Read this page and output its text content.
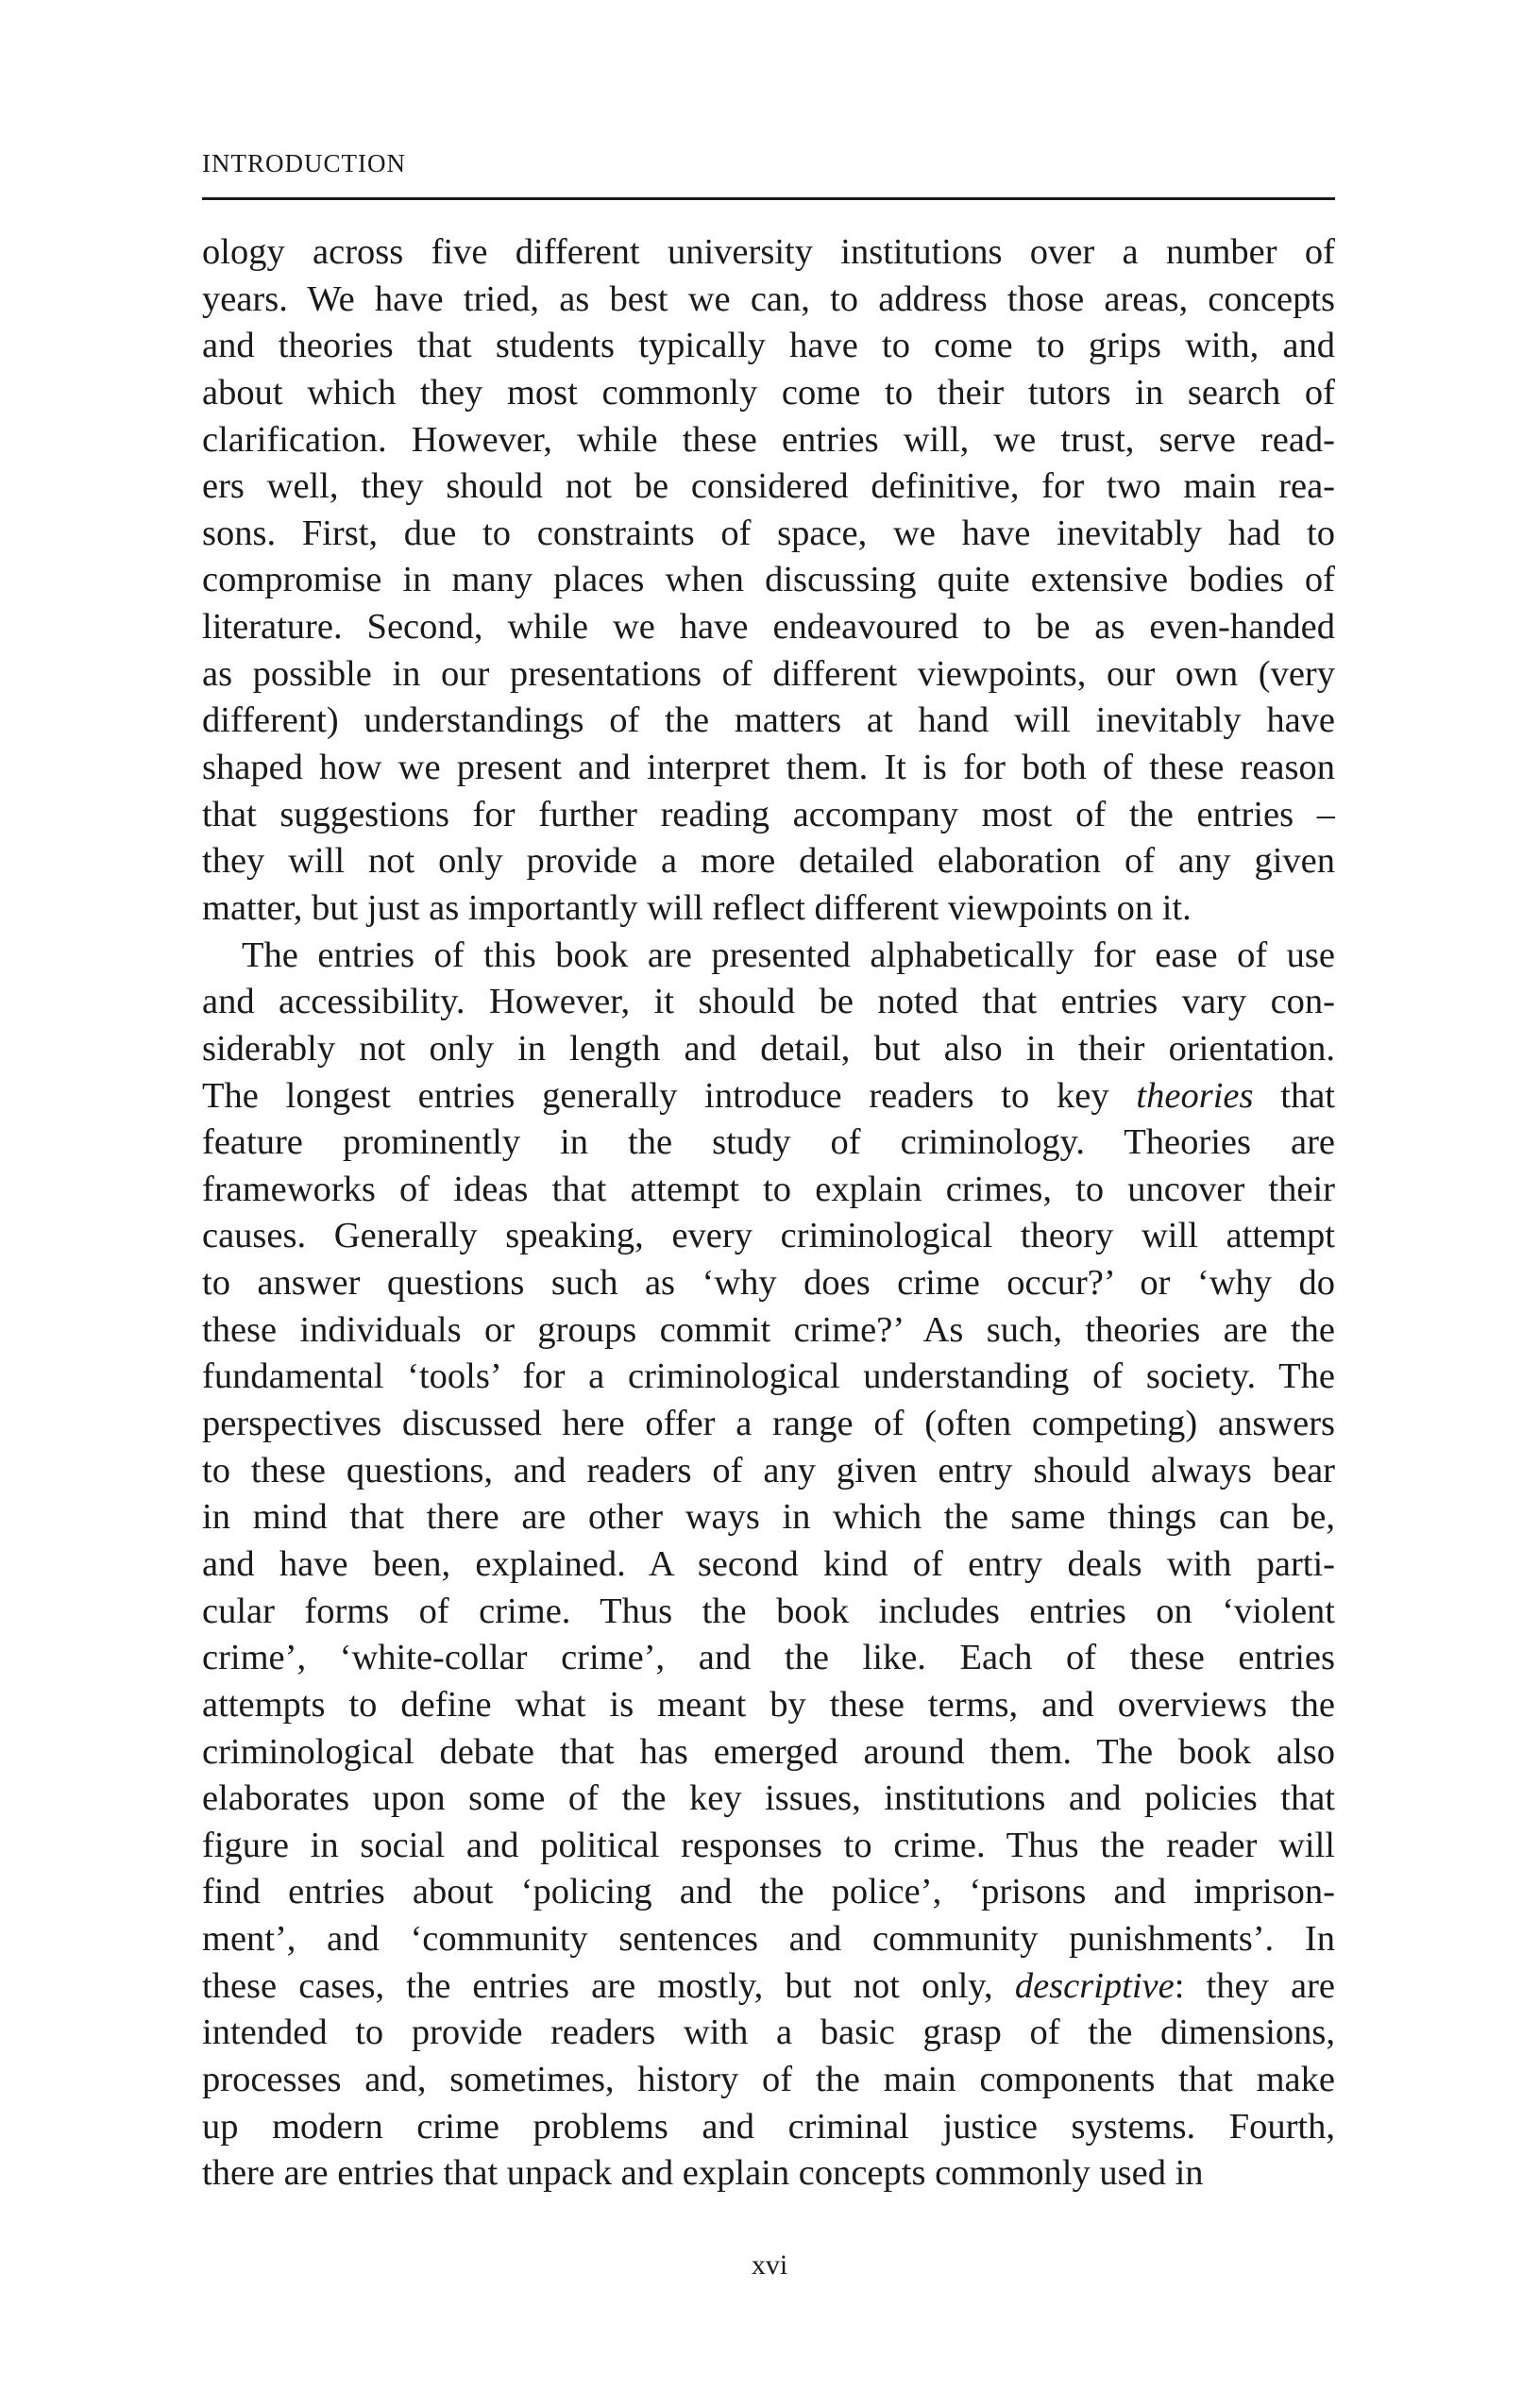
INTRODUCTION
ology across five different university institutions over a number of
years. We have tried, as best we can, to address those areas, concepts
and theories that students typically have to come to grips with, and
about which they most commonly come to their tutors in search of
clarification. However, while these entries will, we trust, serve read-
ers well, they should not be considered definitive, for two main rea-
sons. First, due to constraints of space, we have inevitably had to
compromise in many places when discussing quite extensive bodies of
literature. Second, while we have endeavoured to be as even-handed
as possible in our presentations of different viewpoints, our own (very
different) understandings of the matters at hand will inevitably have
shaped how we present and interpret them. It is for both of these reason
that suggestions for further reading accompany most of the entries –
they will not only provide a more detailed elaboration of any given
matter, but just as importantly will reflect different viewpoints on it.
The entries of this book are presented alphabetically for ease of use
and accessibility. However, it should be noted that entries vary con-
siderably not only in length and detail, but also in their orientation.
The longest entries generally introduce readers to key theories that
feature prominently in the study of criminology. Theories are
frameworks of ideas that attempt to explain crimes, to uncover their
causes. Generally speaking, every criminological theory will attempt
to answer questions such as ‘why does crime occur?’ or ‘why do
these individuals or groups commit crime?’ As such, theories are the
fundamental ‘tools’ for a criminological understanding of society. The
perspectives discussed here offer a range of (often competing) answers
to these questions, and readers of any given entry should always bear
in mind that there are other ways in which the same things can be,
and have been, explained. A second kind of entry deals with parti-
cular forms of crime. Thus the book includes entries on ‘violent
crime’, ‘white-collar crime’, and the like. Each of these entries
attempts to define what is meant by these terms, and overviews the
criminological debate that has emerged around them. The book also
elaborates upon some of the key issues, institutions and policies that
figure in social and political responses to crime. Thus the reader will
find entries about ‘policing and the police’, ‘prisons and imprison-
ment’, and ‘community sentences and community punishments’. In
these cases, the entries are mostly, but not only, descriptive: they are
intended to provide readers with a basic grasp of the dimensions,
processes and, sometimes, history of the main components that make
up modern crime problems and criminal justice systems. Fourth,
there are entries that unpack and explain concepts commonly used in
xvi
